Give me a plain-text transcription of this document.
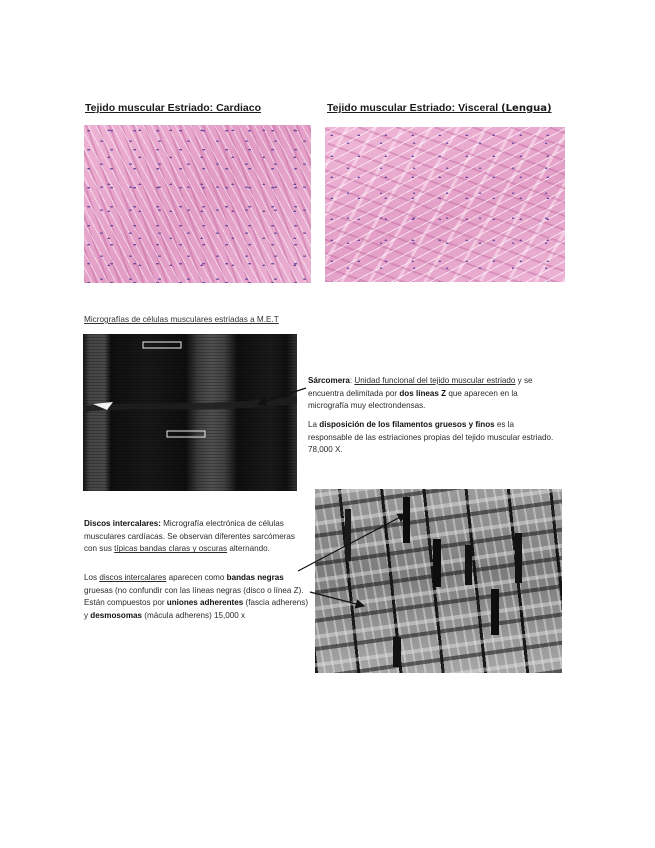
Tejido muscular Estriado: Cardiaco	Tejido muscular Estriado: Visceral (Lengua)
Micrografías de células musculares estriadas a M.E.T
Sárcomera: Unidad funcional del tejido muscular estriado y se encuentra delimitada por dos líneas Z que aparecen en la micrografía muy electrondensas.
La disposición de los filamentos gruesos y finos es la responsable de las estriaciones propias del tejido muscular estriado. 78,000 X.
Discos intercalares: Micrografía electrónica de células musculares cardíacas. Se observan diferentes sarcómeras con sus típicas bandas claras y oscuras alternando.
Los discos intercalares aparecen como bandas negras gruesas (no confundir con las líneas negras (disco o línea Z). Están compuestos por uniones adherentes (fascia adherens) y desmosomas (mácula adherens) 15,000 x
